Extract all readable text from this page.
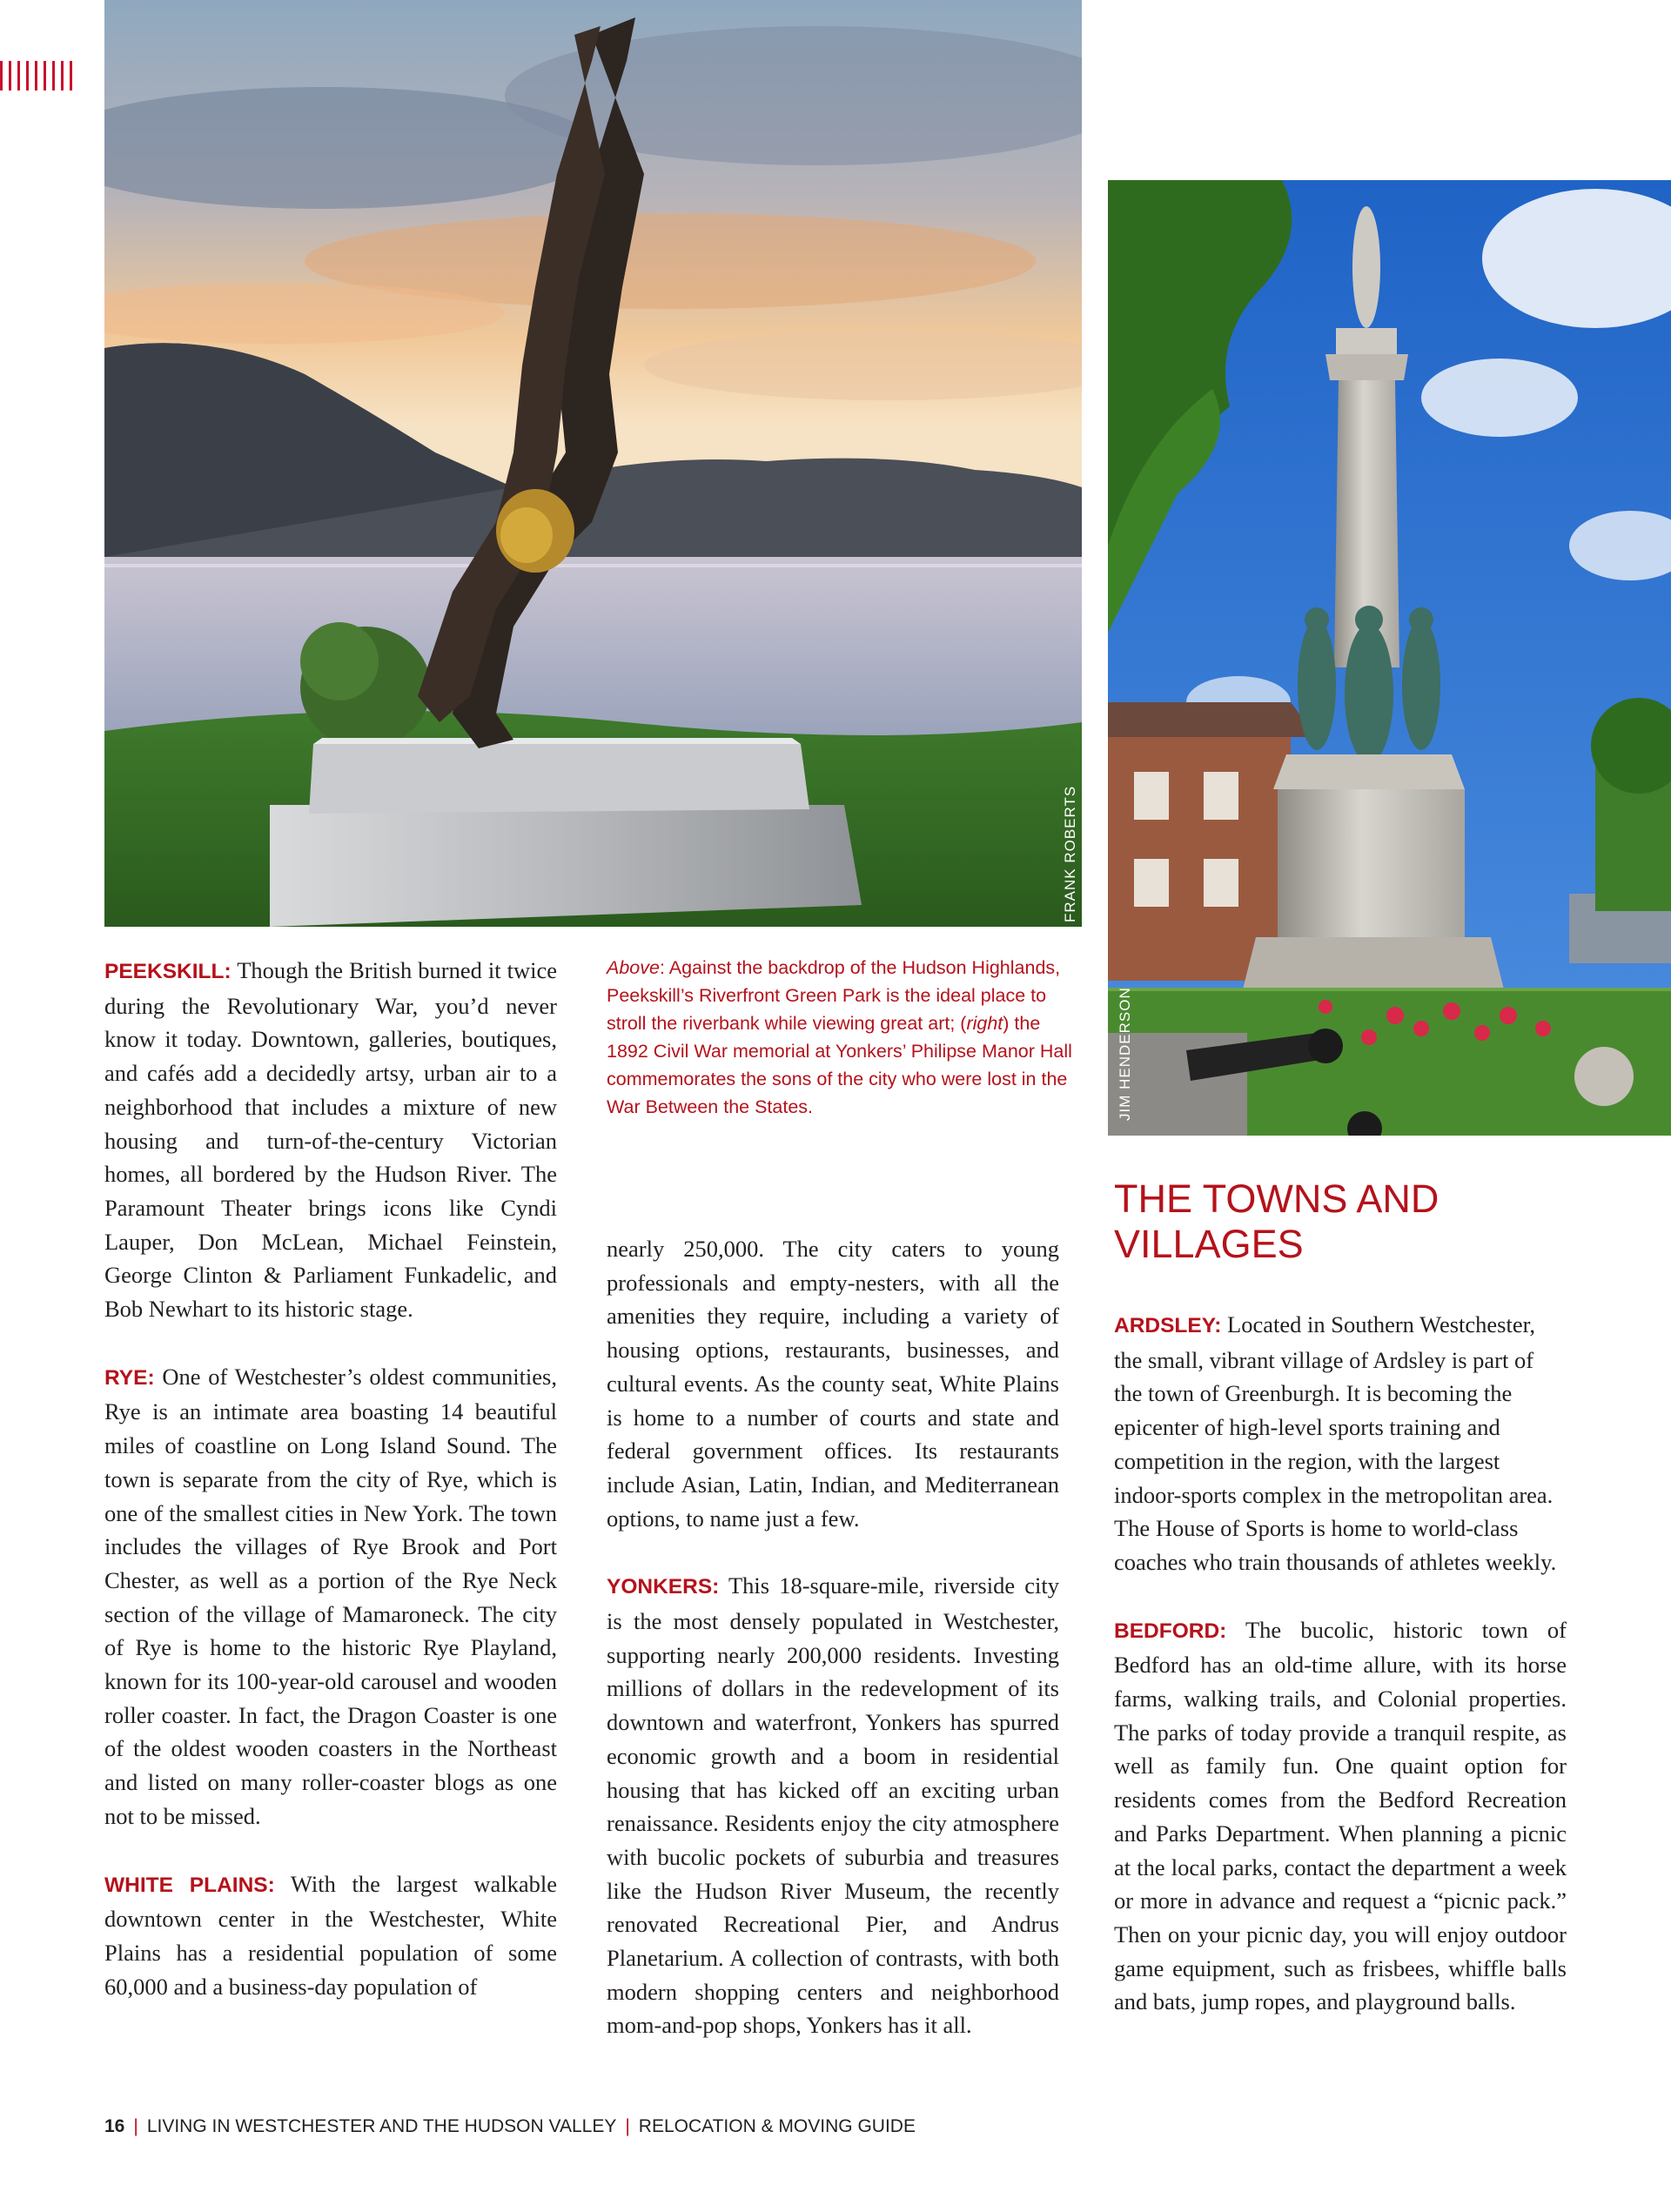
FRANK ROBERTS
JIM HENDERSON
Above: Against the backdrop of the Hudson Highlands, Peekskill’s Riverfront Green Park is the ideal place to stroll the riverbank while viewing great art; (right) the 1892 Civil War memorial at Yonkers’ Philipse Manor Hall commemorates the sons of the city who were lost in the War Between the States.

PEEKSKILL: Though the British burned it twice during the Revolutionary War, you’d never know it today. Downtown, galleries, boutiques, and cafés add a decidedly artsy, urban air to a neighborhood that includes a mixture of new housing and turn-of-the-century Victorian homes, all bordered by the Hudson River. The Paramount Theater brings icons like Cyndi Lauper, Don McLean, Michael Feinstein, George Clinton & Parliament Funkadelic, and Bob Newhart to its historic stage.

RYE: One of Westchester’s oldest communities, Rye is an intimate area boasting 14 beautiful miles of coastline on Long Island Sound. The town is separate from the city of Rye, which is one of the smallest cities in New York. The town includes the villages of Rye Brook and Port Chester, as well as a portion of the Rye Neck section of the village of Mamaroneck. The city of Rye is home to the historic Rye Playland, known for its 100-year-old carousel and wooden roller coaster. In fact, the Dragon Coaster is one of the oldest wooden coasters in the Northeast and listed on many roller-coaster blogs as one not to be missed.

WHITE PLAINS: With the largest walkable downtown center in the Westchester, White Plains has a residential population of some 60,000 and a business-day population of

nearly 250,000. The city caters to young professionals and empty-nesters, with all the amenities they require, including a variety of housing options, restaurants, businesses, and cultural events. As the county seat, White Plains is home to a number of courts and state and federal government offices. Its restaurants include Asian, Latin, Indian, and Mediterranean options, to name just a few.

YONKERS: This 18-square-mile, riverside city is the most densely populated in Westchester, supporting nearly 200,000 residents. Investing millions of dollars in the redevelopment of its downtown and waterfront, Yonkers has spurred economic growth and a boom in residential housing that has kicked off an exciting urban renaissance. Residents enjoy the city atmosphere with bucolic pockets of suburbia and treasures like the Hudson River Museum, the recently renovated Recreational Pier, and Andrus Planetarium. A collection of contrasts, with both modern shopping centers and neighborhood mom-and-pop shops, Yonkers has it all.

THE TOWNS AND VILLAGES

ARDSLEY: Located in Southern Westchester, the small, vibrant village of Ardsley is part of the town of Greenburgh. It is becoming the epicenter of high-level sports training and competition in the region, with the largest indoor-sports complex in the metropolitan area. The House of Sports is home to world-class coaches who train thousands of athletes weekly.

BEDFORD: The bucolic, historic town of Bedford has an old-time allure, with its horse farms, walking trails, and Colonial properties. The parks of today provide a tranquil respite, as well as family fun. One quaint option for residents comes from the Bedford Recreation and Parks Department. When planning a picnic at the local parks, contact the department a week or more in advance and request a “picnic pack.” Then on your picnic day, you will enjoy outdoor game equipment, such as frisbees, whiffle balls and bats, jump ropes, and playground balls.

16 | LIVING IN WESTCHESTER AND THE HUDSON VALLEY | RELOCATION & MOVING GUIDE
